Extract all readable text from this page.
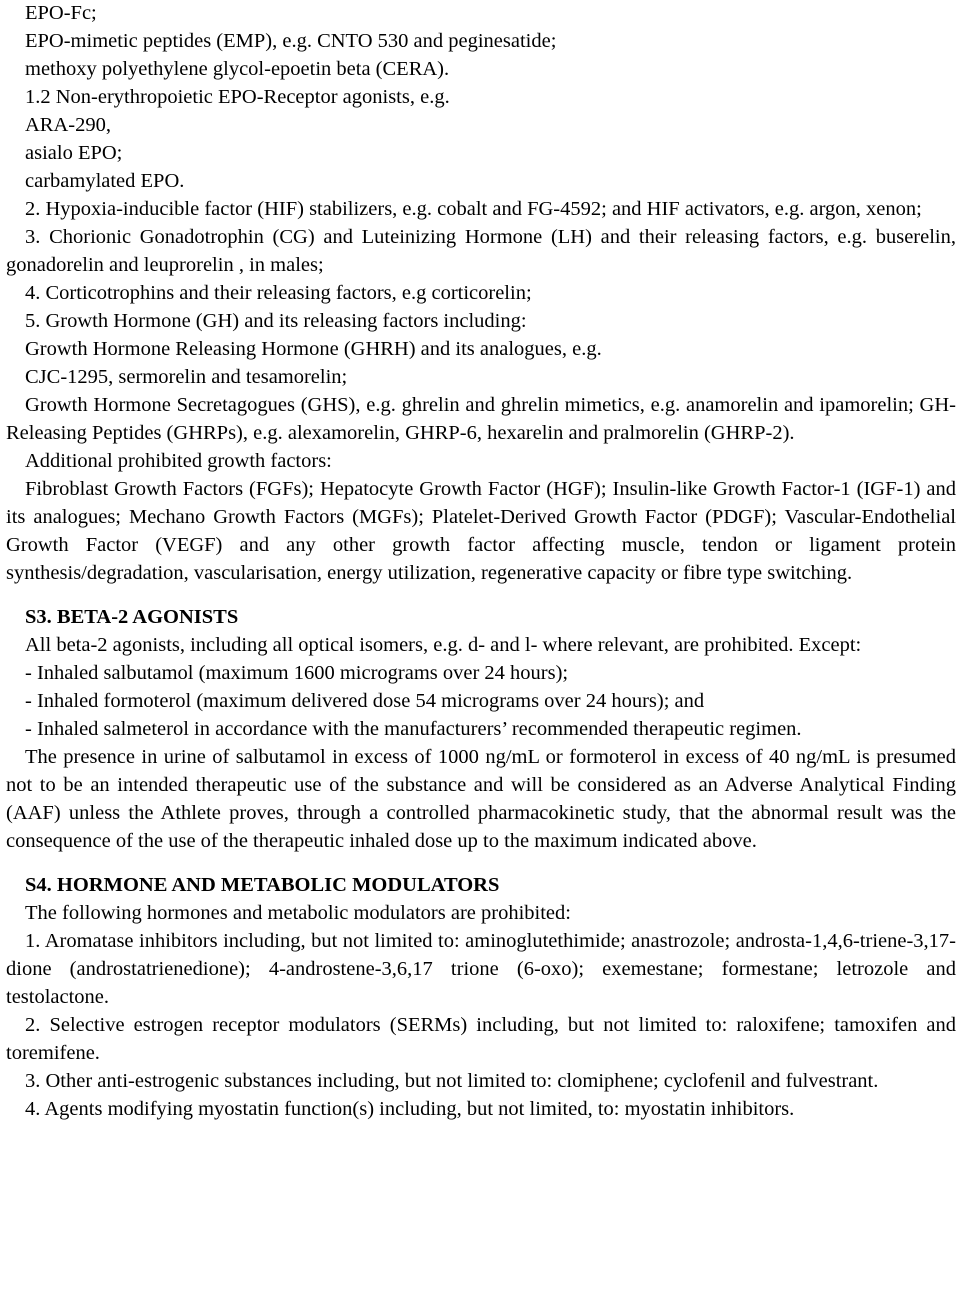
EPO-Fc;
EPO-mimetic peptides (EMP), e.g. CNTO 530 and peginesatide;
methoxy polyethylene glycol-epoetin beta (CERA).
1.2 Non-erythropoietic EPO-Receptor agonists, e.g.
ARA-290,
asialo EPO;
carbamylated EPO.
2. Hypoxia-inducible factor (HIF) stabilizers, e.g. cobalt and FG-4592; and HIF activators, e.g. argon, xenon;
3. Chorionic Gonadotrophin (CG) and Luteinizing Hormone (LH) and their releasing factors, e.g. buserelin, gonadorelin and leuprorelin , in males;
4. Corticotrophins and their releasing factors, e.g corticorelin;
5. Growth Hormone (GH) and its releasing factors including:
Growth Hormone Releasing Hormone (GHRH) and its analogues, e.g.
CJC-1295, sermorelin and tesamorelin;
Growth Hormone Secretagogues (GHS), e.g. ghrelin and ghrelin mimetics, e.g. anamorelin and ipamorelin; GH-Releasing Peptides (GHRPs), e.g. alexamorelin, GHRP-6, hexarelin and pralmorelin (GHRP-2).
Additional prohibited growth factors:
Fibroblast Growth Factors (FGFs); Hepatocyte Growth Factor (HGF); Insulin-like Growth Factor-1 (IGF-1) and its analogues; Mechano Growth Factors (MGFs); Platelet-Derived Growth Factor (PDGF); Vascular-Endothelial Growth Factor (VEGF) and any other growth factor affecting muscle, tendon or ligament protein synthesis/degradation, vascularisation, energy utilization, regenerative capacity or fibre type switching.
S3. BETA-2 AGONISTS
All beta-2 agonists, including all optical isomers, e.g. d- and l- where relevant, are prohibited. Except:
- Inhaled salbutamol (maximum 1600 micrograms over 24 hours);
- Inhaled formoterol (maximum delivered dose 54 micrograms over 24 hours); and
- Inhaled salmeterol in accordance with the manufacturers’ recommended therapeutic regimen.
The presence in urine of salbutamol in excess of 1000 ng/mL or formoterol in excess of 40 ng/mL is presumed not to be an intended therapeutic use of the substance and will be considered as an Adverse Analytical Finding (AAF) unless the Athlete proves, through a controlled pharmacokinetic study, that the abnormal result was the consequence of the use of the therapeutic inhaled dose up to the maximum indicated above.
S4. HORMONE AND METABOLIC MODULATORS
The following hormones and metabolic modulators are prohibited:
1. Aromatase inhibitors including, but not limited to: aminoglutethimide; anastrozole; androsta-1,4,6-triene-3,17-dione (androstatrienedione); 4-androstene-3,6,17 trione (6-oxo); exemestane; formestane; letrozole and testolactone.
2. Selective estrogen receptor modulators (SERMs) including, but not limited to: raloxifene; tamoxifen and toremifene.
3. Other anti-estrogenic substances including, but not limited to: clomiphene; cyclofenil and fulvestrant.
4. Agents modifying myostatin function(s) including, but not limited, to: myostatin inhibitors.
